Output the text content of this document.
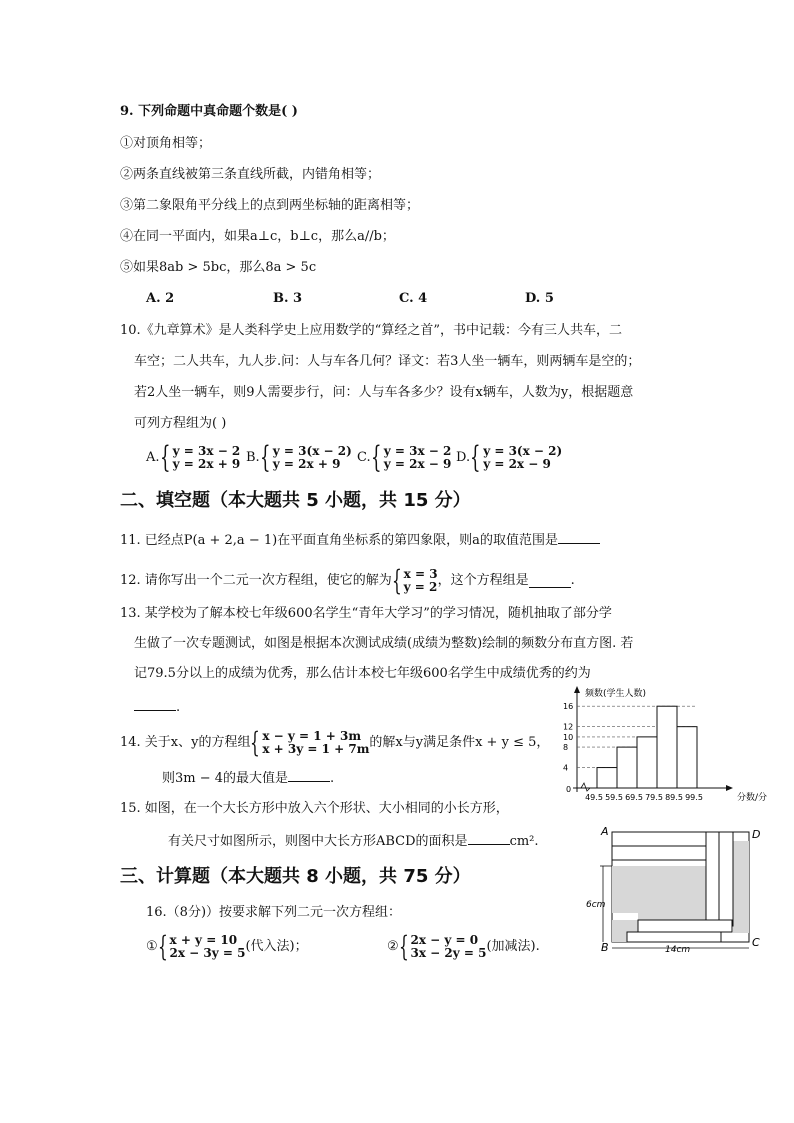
9. 下列命题中真命题个数是( )
①对顶角相等；
②两条直线被第三条直线所截，内错角相等；
③第二象限角平分线上的点到两坐标轴的距离相等；
④在同一平面内，如果a⊥c，b⊥c，那么a//b；
⑤如果8ab > 5bc，那么8a > 5c
A. 2	B. 3	C. 4	D. 5
10.《九章算术》是人类科学史上应用数学的“算经之首”，书中记载：今有三人共车，二
车空；二人共车，九人步.问：人与车各几何？译文：若3人坐一辆车，则两辆车是空的；
若2人坐一辆车，则9人需要步行，问：人与车各多少？设有x辆车，人数为y，根据题意
可列方程组为( )
A. { y = 3x − 2
y = 2x + 9 B. { y = 3(x − 2)
y = 2x + 9	C. { y = 3x − 2
y = 2x − 9 D. { y = 3(x − 2)
y = 2x − 9
二、填空题（本大题共 5 小题，共 15 分）
11. 已经点P(a + 2,a − 1)在平面直角坐标系的第四象限，则a的取值范围是
12. 请你写出一个二元一次方程组，使它的解为 { x = 3
y = 2 ，这个方程组是	.
13. 某学校为了解本校七年级600名学生“青年大学习”的学习情况，随机抽取了部分学
生做了一次专题测试，如图是根据本次测试成绩(成绩为整数)绘制的频数分布直方图. 若
记79.5分以上的成绩为优秀，那么估计本校七年级600名学生中成绩优秀的约为
.
频数(学生人数)
分数/分
0
4
8
10
12
16
49.5 59.5 69.5 79.5 89.5 99.5
14. 关于x、y的方程组 { x − y = 1 + 3m
x + 3y = 1 + 7m 的解x与y满足条件x + y ≤ 5，
则3m − 4的最大值是	.
15. 如图，在一个大长方形中放入六个形状、大小相同的小长方形，
有关尺寸如图所示，则图中大长方形ABCD的面积是	cm².
A	D
B	C
6cm
14cm
三、计算题（本大题共 8 小题，共 75 分）
16.（8分)）按要求解下列二元一次方程组：
① { x + y = 10
2x − 3y = 5 (代入法)；	② { 2x − y = 0
3x − 2y = 5 (加减法).
